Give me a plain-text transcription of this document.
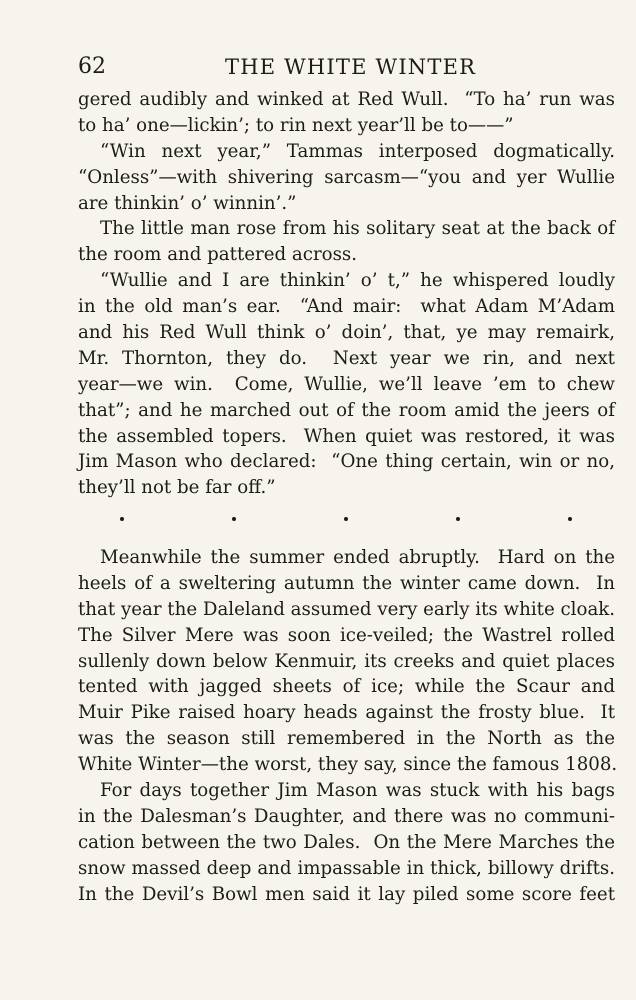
62	THE WHITE WINTER
gered audibly and winked at Red Wull.  “To ha’ run was
to ha’ one—lickin’; to rin next year’ll be to——”
“Win next year,” Tammas interposed dogmatically.
“Onless”—with shivering sarcasm—“you and yer Wullie
are thinkin’ o’ winnin’.”
The little man rose from his solitary seat at the back of
the room and pattered across.
“Wullie and I are thinkin’ o’ t,” he whispered loudly
in the old man’s ear.  “And mair:  what Adam M’Adam
and his Red Wull think o’ doin’, that, ye may remairk,
Mr. Thornton, they do.  Next year we rin, and next
year—we win.  Come, Wullie, we’ll leave ’em to chew
that”; and he marched out of the room amid the jeers of
the assembled topers.  When quiet was restored, it was
Jim Mason who declared:  “One thing certain, win or no,
they’ll not be far off.”
Meanwhile the summer ended abruptly.  Hard on the
heels of a sweltering autumn the winter came down.  In
that year the Daleland assumed very early its white cloak.
The Silver Mere was soon ice-veiled; the Wastrel rolled
sullenly down below Kenmuir, its creeks and quiet places
tented with jagged sheets of ice; while the Scaur and
Muir Pike raised hoary heads against the frosty blue.  It
was the season still remembered in the North as the
White Winter—the worst, they say, since the famous 1808.
For days together Jim Mason was stuck with his bags
in the Dalesman’s Daughter, and there was no communi-
cation between the two Dales.  On the Mere Marches the
snow massed deep and impassable in thick, billowy drifts.
In the Devil’s Bowl men said it lay piled some score feet
